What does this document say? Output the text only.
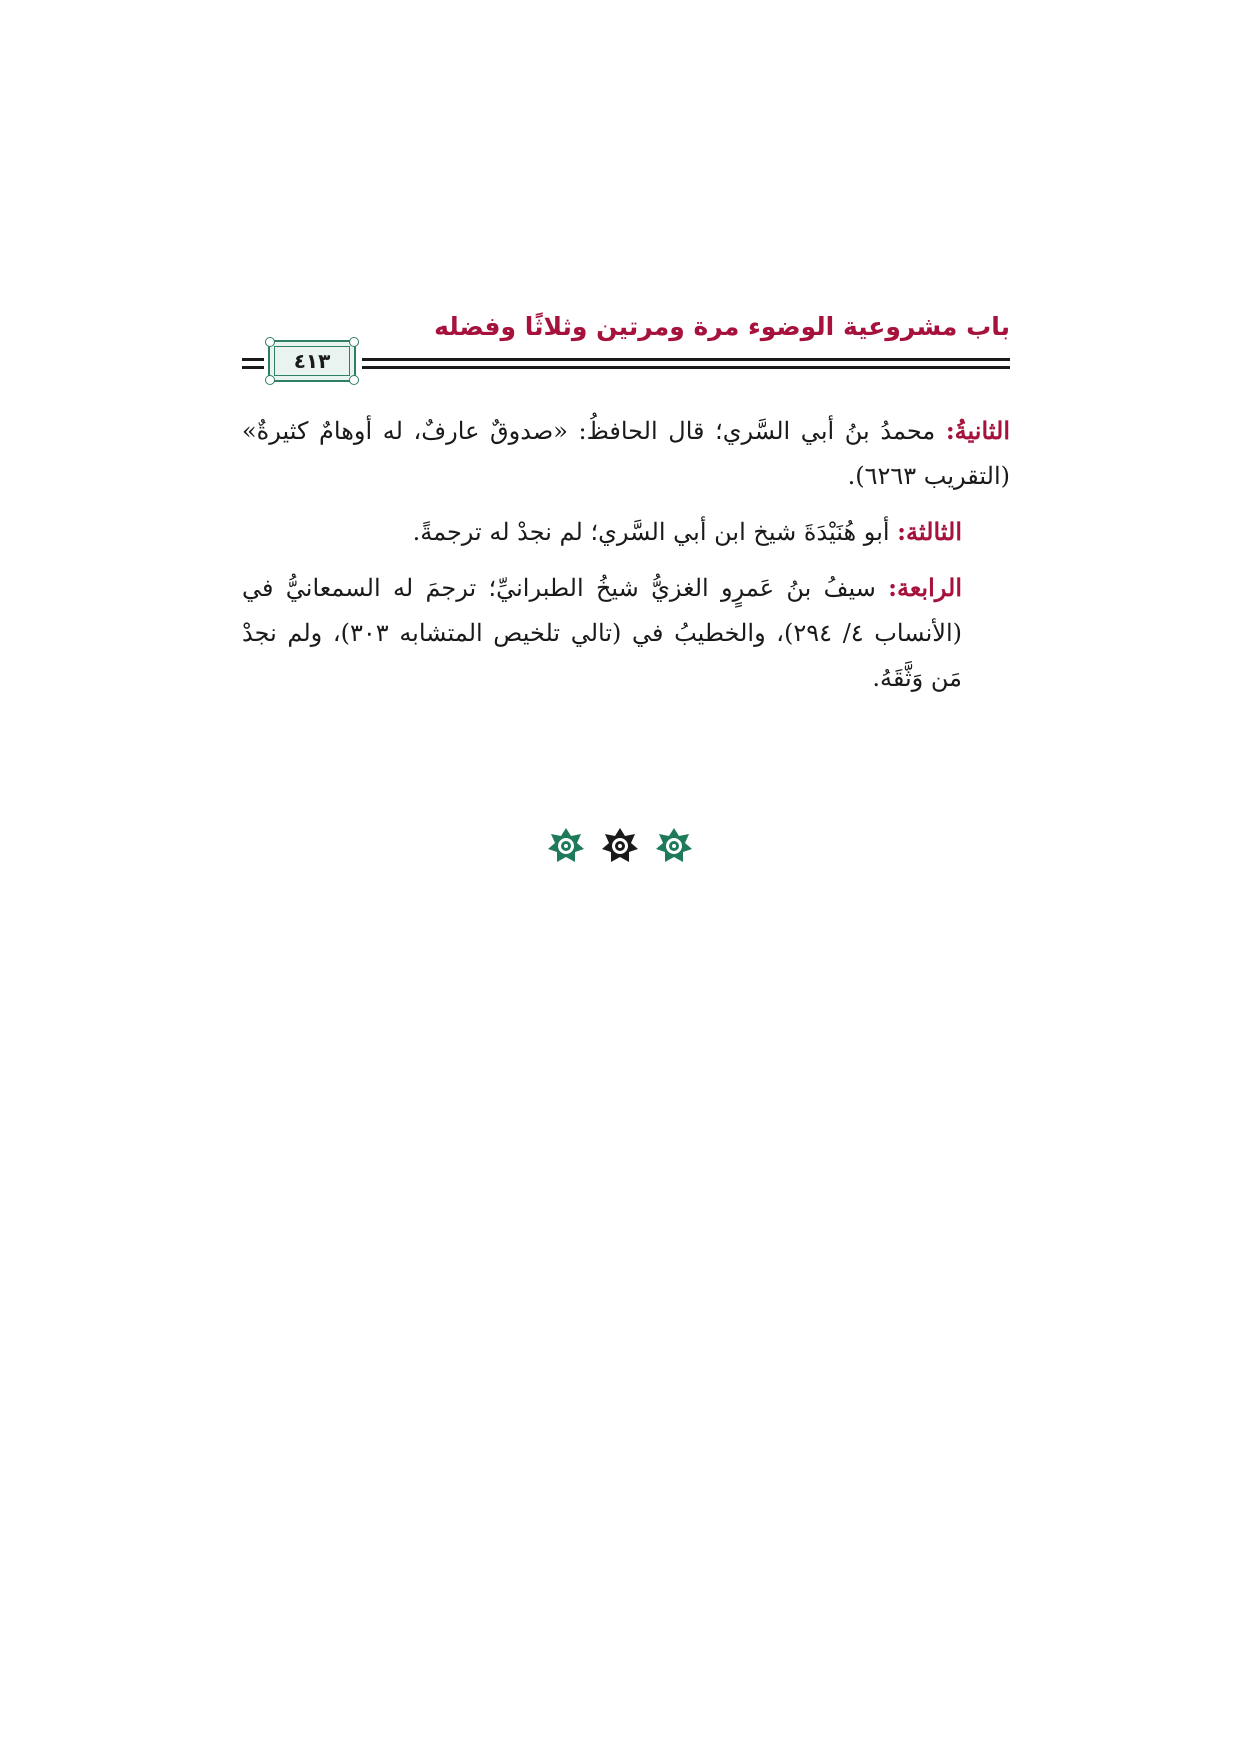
باب مشروعية الوضوء مرة ومرتين وثلاثًا وفضله
٤١٣

الثانيةُ: محمدُ بنُ أبي السَّري؛ قال الحافظُ: «صدوقٌ عارفٌ، له أوهامٌ كثيرةٌ» (التقريب ٦٢٦٣).

الثالثة: أبو هُنَيْدَةَ شيخ ابن أبي السَّري؛ لم نجدْ له ترجمةً.

الرابعة: سيفُ بنُ عَمرٍو الغزيُّ شيخُ الطبرانيِّ؛ ترجمَ له السمعانيُّ في (الأنساب ٤/ ٢٩٤)، والخطيبُ في (تالي تلخيص المتشابه ٣٠٣)، ولم نجدْ مَن وَثَّقَهُ.
